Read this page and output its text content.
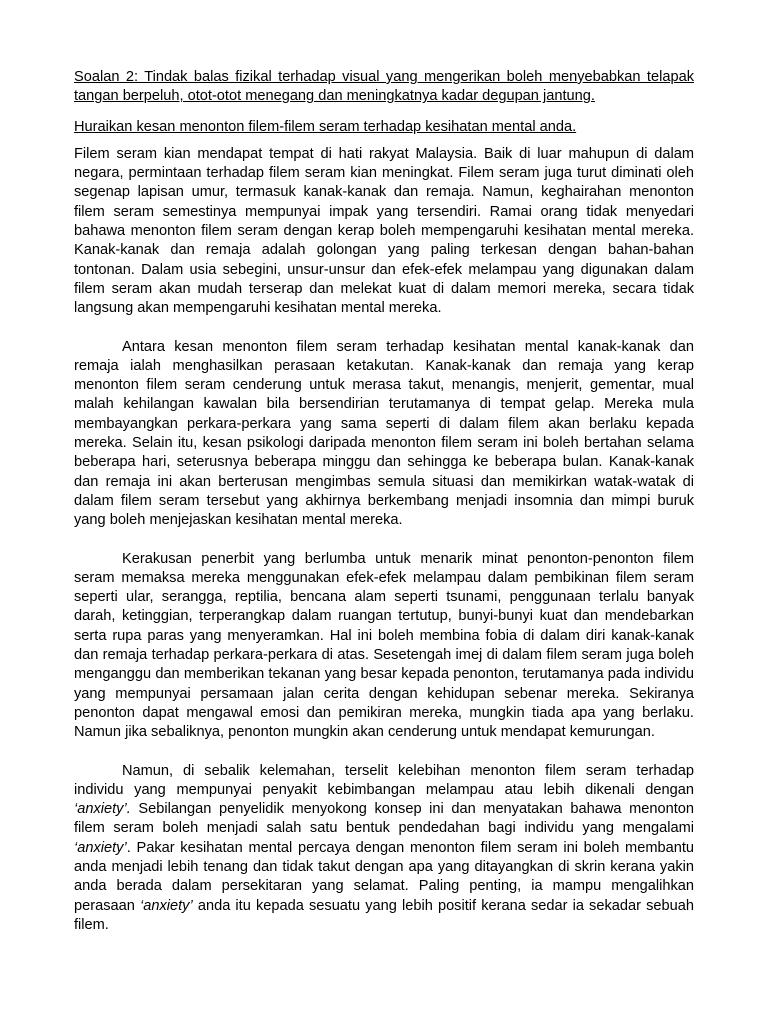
Soalan 2: Tindak balas fizikal terhadap visual yang mengerikan boleh menyebabkan telapak tangan berpeluh, otot-otot menegang dan meningkatnya kadar degupan jantung.

Huraikan kesan menonton filem-filem seram terhadap kesihatan mental anda.

Filem seram kian mendapat tempat di hati rakyat Malaysia. Baik di luar mahupun di dalam negara, permintaan terhadap filem seram kian meningkat. Filem seram juga turut diminati oleh segenap lapisan umur, termasuk kanak-kanak dan remaja. Namun, keghairahan menonton filem seram semestinya mempunyai impak yang tersendiri. Ramai orang tidak menyedari bahawa menonton filem seram dengan kerap boleh mempengaruhi kesihatan mental mereka. Kanak-kanak dan remaja adalah golongan yang paling terkesan dengan bahan-bahan tontonan. Dalam usia sebegini, unsur-unsur dan efek-efek melampau yang digunakan dalam filem seram akan mudah terserap dan melekat kuat di dalam memori mereka, secara tidak langsung akan mempengaruhi kesihatan mental mereka.

Antara kesan menonton filem seram terhadap kesihatan mental kanak-kanak dan remaja ialah menghasilkan perasaan ketakutan. Kanak-kanak dan remaja yang kerap menonton filem seram cenderung untuk merasa takut, menangis, menjerit, gementar, mual malah kehilangan kawalan bila bersendirian terutamanya di tempat gelap. Mereka mula membayangkan perkara-perkara yang sama seperti di dalam filem akan berlaku kepada mereka. Selain itu, kesan psikologi daripada menonton filem seram ini boleh bertahan selama beberapa hari, seterusnya beberapa minggu dan sehingga ke beberapa bulan. Kanak-kanak dan remaja ini akan berterusan mengimbas semula situasi dan memikirkan watak-watak di dalam filem seram tersebut yang akhirnya berkembang menjadi insomnia dan mimpi buruk yang boleh menjejaskan kesihatan mental mereka.

Kerakusan penerbit yang berlumba untuk menarik minat penonton-penonton filem seram memaksa mereka menggunakan efek-efek melampau dalam pembikinan filem seram seperti ular, serangga, reptilia, bencana alam seperti tsunami, penggunaan terlalu banyak darah, ketinggian, terperangkap dalam ruangan tertutup, bunyi-bunyi kuat dan mendebarkan serta rupa paras yang menyeramkan. Hal ini boleh membina fobia di dalam diri kanak-kanak dan remaja terhadap perkara-perkara di atas. Sesetengah imej di dalam filem seram juga boleh menganggu dan memberikan tekanan yang besar kepada penonton, terutamanya pada individu yang mempunyai persamaan jalan cerita dengan kehidupan sebenar mereka. Sekiranya penonton dapat mengawal emosi dan pemikiran mereka, mungkin tiada apa yang berlaku. Namun jika sebaliknya, penonton mungkin akan cenderung untuk mendapat kemurungan.

Namun, di sebalik kelemahan, terselit kelebihan menonton filem seram terhadap individu yang mempunyai penyakit kebimbangan melampau atau lebih dikenali dengan ‘anxiety’. Sebilangan penyelidik menyokong konsep ini dan menyatakan bahawa menonton filem seram boleh menjadi salah satu bentuk pendedahan bagi individu yang mengalami ‘anxiety’. Pakar kesihatan mental percaya dengan menonton filem seram ini boleh membantu anda menjadi lebih tenang dan tidak takut dengan apa yang ditayangkan di skrin kerana yakin anda berada dalam persekitaran yang selamat. Paling penting, ia mampu mengalihkan perasaan ‘anxiety’ anda itu kepada sesuatu yang lebih positif kerana sedar ia sekadar sebuah filem.
